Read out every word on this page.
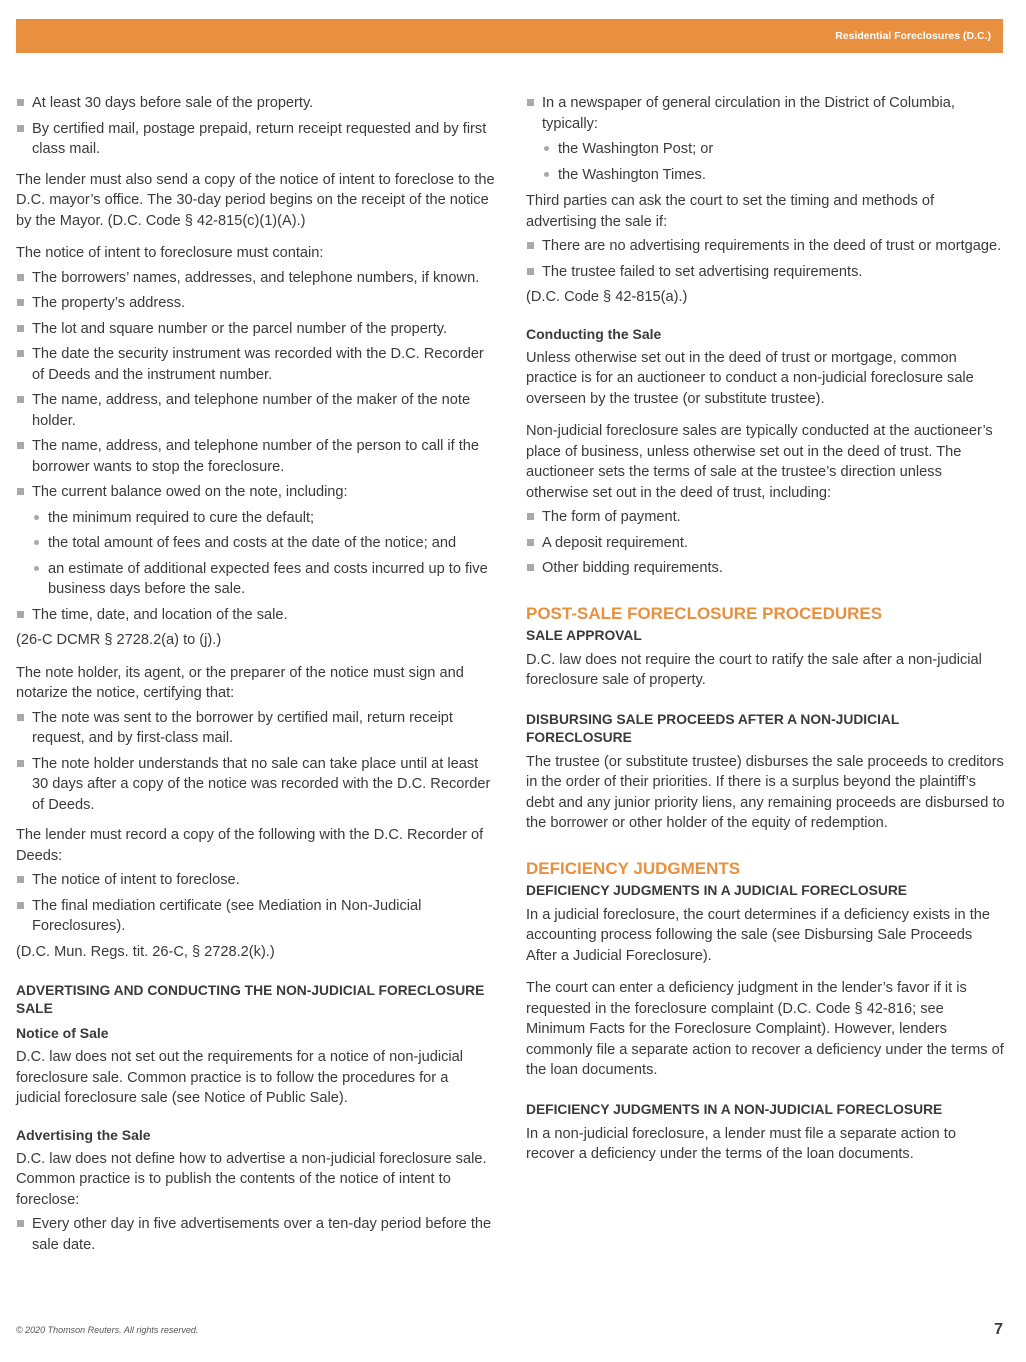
Residential Foreclosures (D.C.)
At least 30 days before sale of the property.
By certified mail, postage prepaid, return receipt requested and by first class mail.

The lender must also send a copy of the notice of intent to foreclose to the D.C. mayor’s office. The 30-day period begins on the receipt of the notice by the Mayor. (D.C. Code § 42-815(c)(1)(A).)

The notice of intent to foreclosure must contain:

The borrowers’ names, addresses, and telephone numbers, if known.
The property’s address.
The lot and square number or the parcel number of the property.
The date the security instrument was recorded with the D.C. Recorder of Deeds and the instrument number.
The name, address, and telephone number of the maker of the note holder.
The name, address, and telephone number of the person to call if the borrower wants to stop the foreclosure.
The current balance owed on the note, including:
the minimum required to cure the default;
the total amount of fees and costs at the date of the notice; and
an estimate of additional expected fees and costs incurred up to five business days before the sale.
The time, date, and location of the sale.

(26-C DCMR § 2728.2(a) to (j).)

The note holder, its agent, or the preparer of the notice must sign and notarize the notice, certifying that:

The note was sent to the borrower by certified mail, return receipt request, and by first-class mail.
The note holder understands that no sale can take place until at least 30 days after a copy of the notice was recorded with the D.C. Recorder of Deeds.

The lender must record a copy of the following with the D.C. Recorder of Deeds:

The notice of intent to foreclose.
The final mediation certificate (see Mediation in Non-Judicial Foreclosures).

(D.C. Mun. Regs. tit. 26-C, § 2728.2(k).)

ADVERTISING AND CONDUCTING THE NON-JUDICIAL FORECLOSURE SALE
Notice of Sale

D.C. law does not set out the requirements for a notice of non-judicial foreclosure sale. Common practice is to follow the procedures for a judicial foreclosure sale (see Notice of Public Sale).

Advertising the Sale

D.C. law does not define how to advertise a non-judicial foreclosure sale. Common practice is to publish the contents of the notice of intent to foreclose:

Every other day in five advertisements over a ten-day period before the sale date.
In a newspaper of general circulation in the District of Columbia, typically:
the Washington Post; or
the Washington Times.

Third parties can ask the court to set the timing and methods of advertising the sale if:

There are no advertising requirements in the deed of trust or mortgage.
The trustee failed to set advertising requirements.

(D.C. Code § 42-815(a).)

Conducting the Sale

Unless otherwise set out in the deed of trust or mortgage, common practice is for an auctioneer to conduct a non-judicial foreclosure sale overseen by the trustee (or substitute trustee).

Non-judicial foreclosure sales are typically conducted at the auctioneer’s place of business, unless otherwise set out in the deed of trust. The auctioneer sets the terms of sale at the trustee’s direction unless otherwise set out in the deed of trust, including:

The form of payment.
A deposit requirement.
Other bidding requirements.
POST-SALE FORECLOSURE PROCEDURES
SALE APPROVAL

D.C. law does not require the court to ratify the sale after a non-judicial foreclosure sale of property.

DISBURSING SALE PROCEEDS AFTER A NON-JUDICIAL FORECLOSURE

The trustee (or substitute trustee) disburses the sale proceeds to creditors in the order of their priorities. If there is a surplus beyond the plaintiff’s debt and any junior priority liens, any remaining proceeds are disbursed to the borrower or other holder of the equity of redemption.

DEFICIENCY JUDGMENTS
DEFICIENCY JUDGMENTS IN A JUDICIAL FORECLOSURE

In a judicial foreclosure, the court determines if a deficiency exists in the accounting process following the sale (see Disbursing Sale Proceeds After a Judicial Foreclosure).

The court can enter a deficiency judgment in the lender’s favor if it is requested in the foreclosure complaint (D.C. Code § 42-816; see Minimum Facts for the Foreclosure Complaint). However, lenders commonly file a separate action to recover a deficiency under the terms of the loan documents.

DEFICIENCY JUDGMENTS IN A NON-JUDICIAL FORECLOSURE

In a non-judicial foreclosure, a lender must file a separate action to recover a deficiency under the terms of the loan documents.

© 2020 Thomson Reuters. All rights reserved.	7
